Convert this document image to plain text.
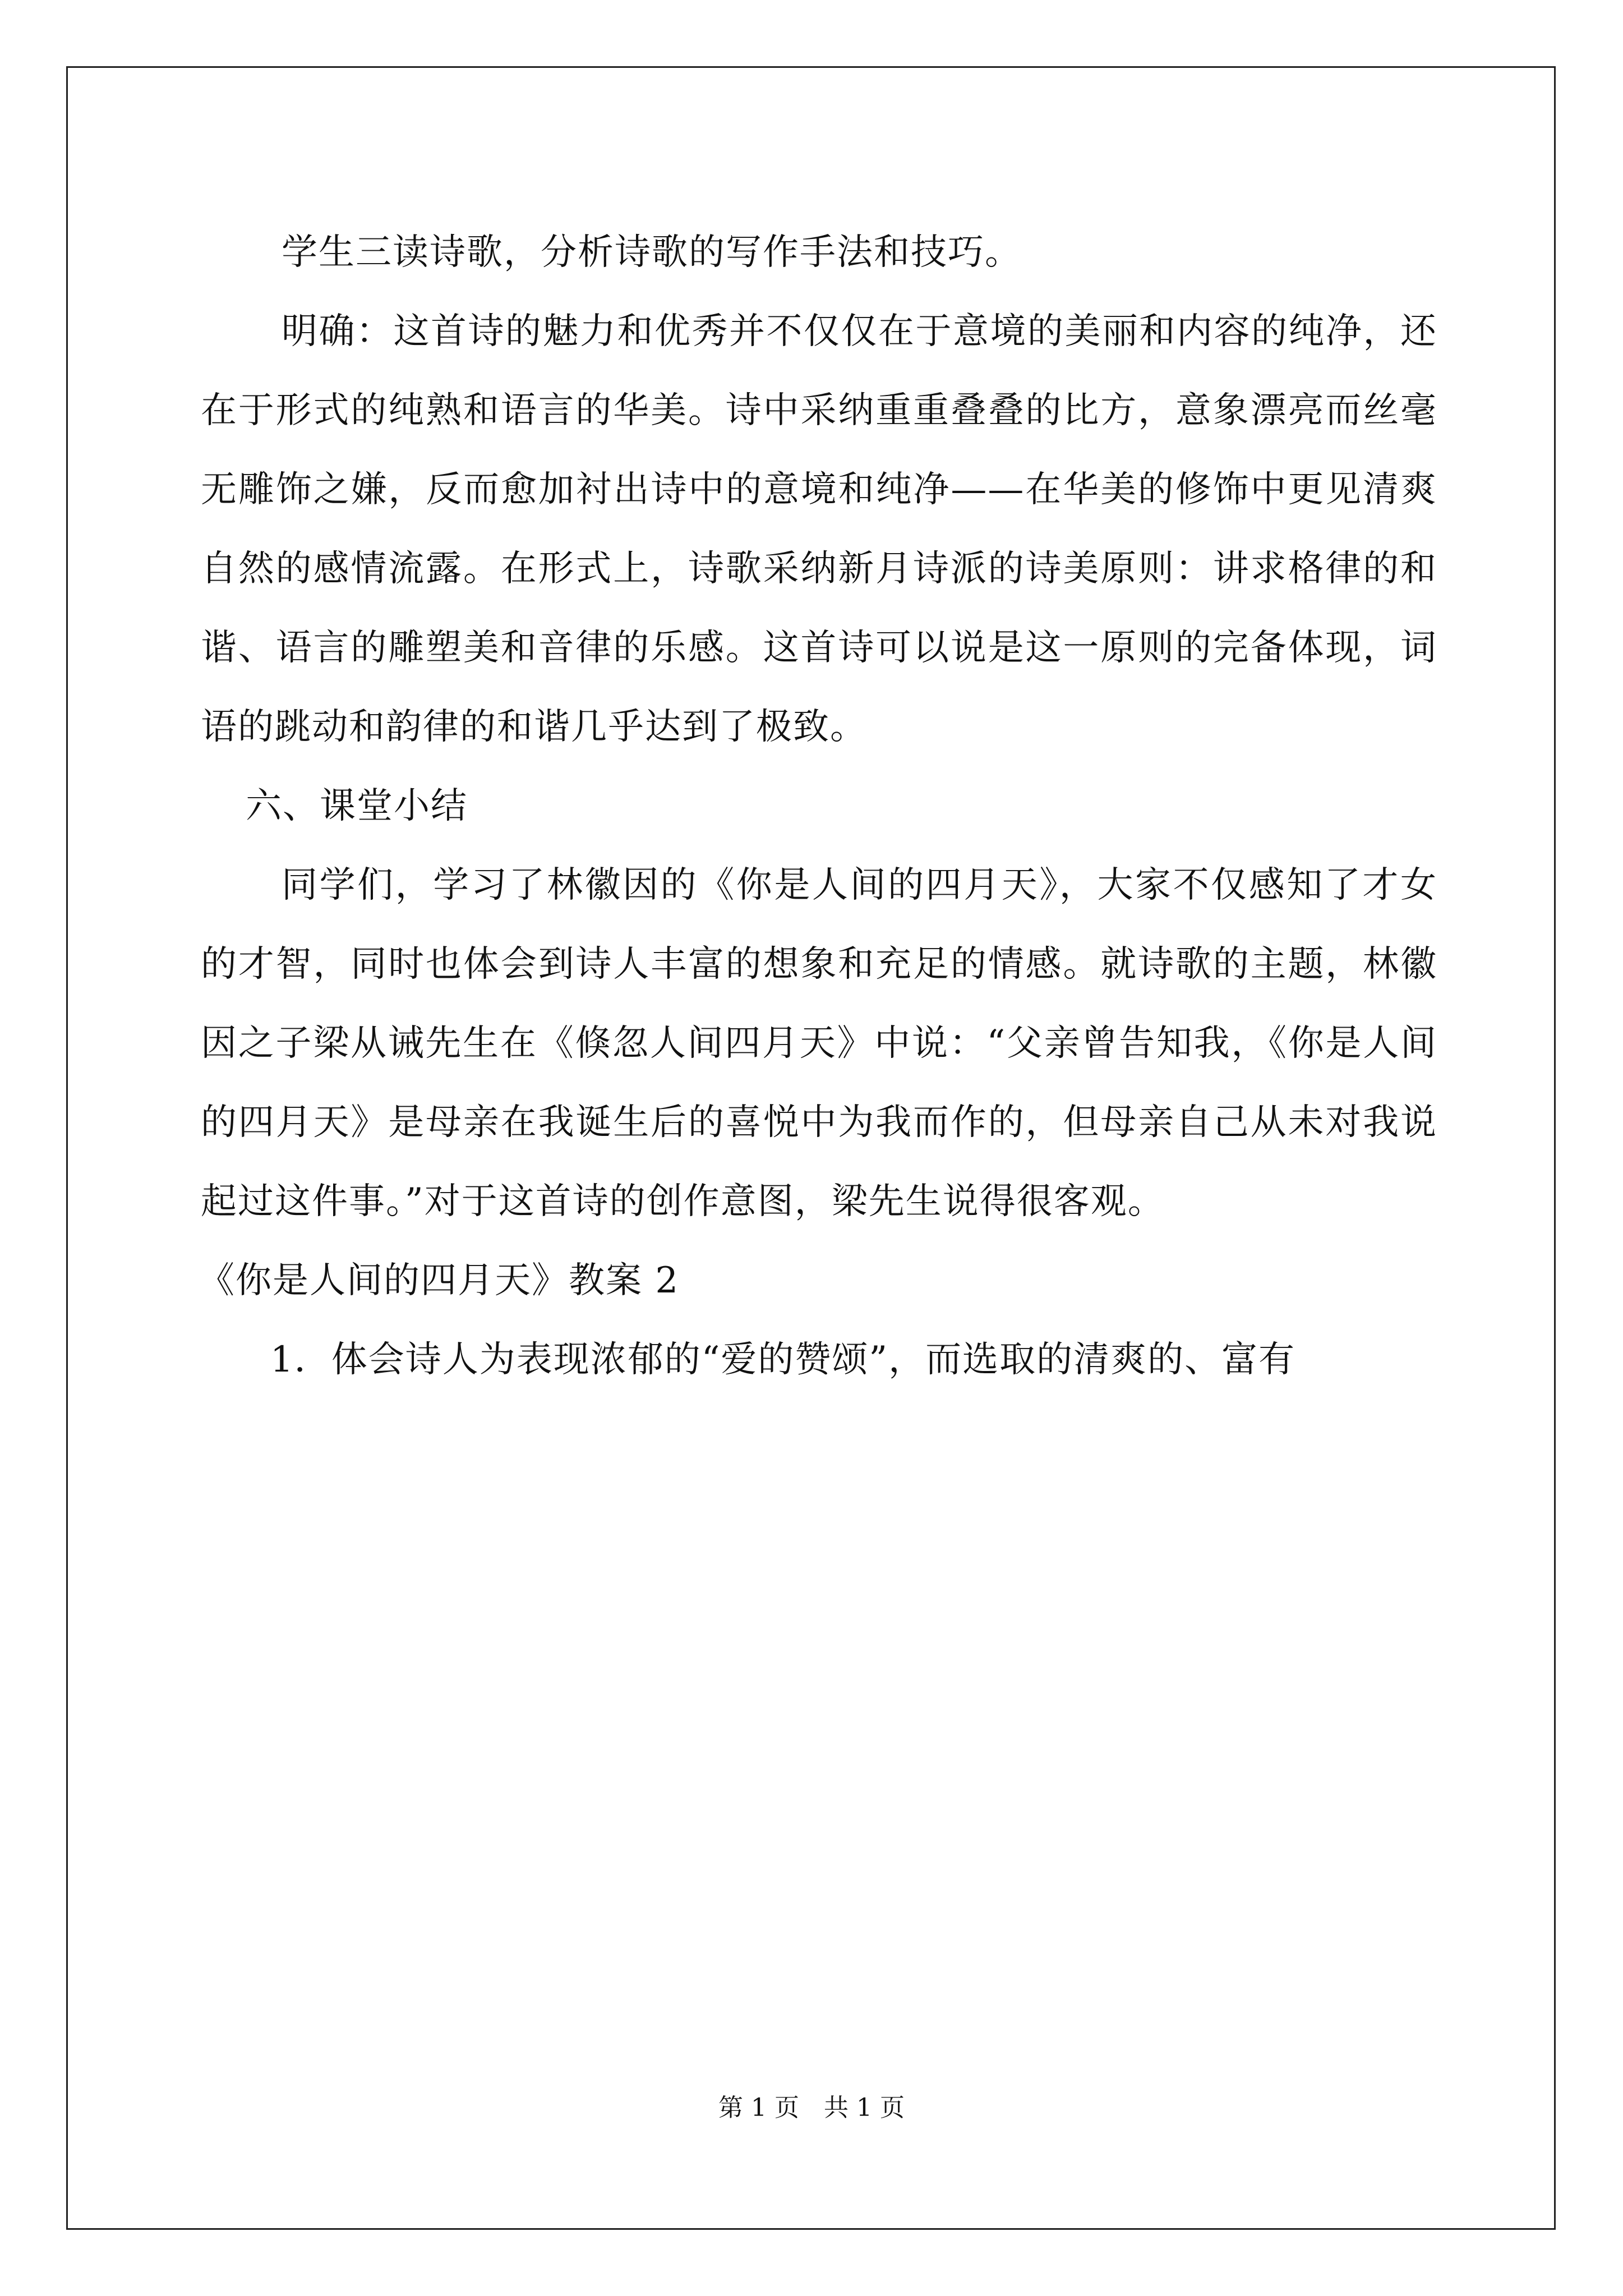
学生三读诗歌，分析诗歌的写作手法和技巧。

明确：这首诗的魅力和优秀并不仅仅在于意境的美丽和内容的纯净，还在于形式的纯熟和语言的华美。诗中采纳重重叠叠的比方，意象漂亮而丝毫无雕饰之嫌，反而愈加衬出诗中的意境和纯净——在华美的修饰中更见清爽自然的感情流露。在形式上，诗歌采纳新月诗派的诗美原则：讲求格律的和谐、语言的雕塑美和音律的乐感。这首诗可以说是这一原则的完备体现，词语的跳动和韵律的和谐几乎达到了极致。

六、课堂小结

同学们，学习了林徽因的《你是人间的四月天》，大家不仅感知了才女的才智，同时也体会到诗人丰富的想象和充足的情感。就诗歌的主题，林徽因之子梁从诫先生在《倏忽人间四月天》中说：“父亲曾告知我，《你是人间的四月天》是母亲在我诞生后的喜悦中为我而作的，但母亲自己从未对我说起过这件事。”对于这首诗的创作意图，梁先生说得很客观。

《你是人间的四月天》教案 2

1．体会诗人为表现浓郁的“爱的赞颂”，而选取的清爽的、富有

第 1 页　共 1 页
